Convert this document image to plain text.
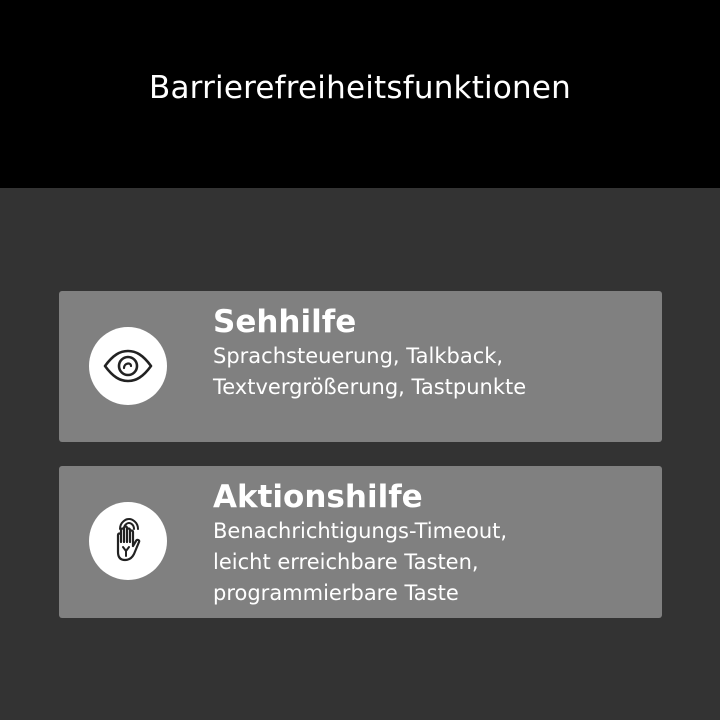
Barrierefreiheitsfunktionen
Sehhilfe
Sprachsteuerung, Talkback,
Textvergrößerung, Tastpunkte
Aktionshilfe
Benachrichtigungs-Timeout,
leicht erreichbare Tasten,
programmierbare Taste
